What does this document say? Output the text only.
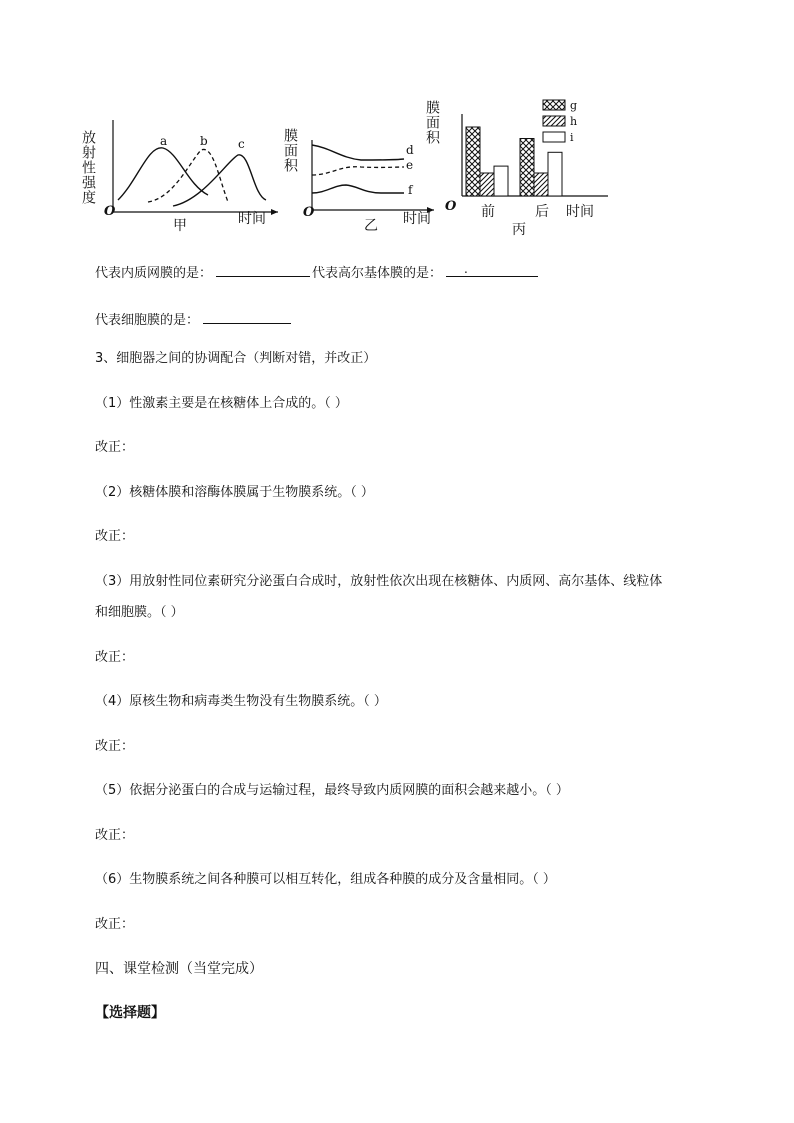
放射性强度	a	b	c
O	时间
甲
膜面积	d
e
f
O	时间
乙
膜面积	g
h
i
O 前	后 时间
丙
代表内质网膜的是：	代表高尔基体膜的是： .
代表细胞膜的是：
3、细胞器之间的协调配合（判断对错，并改正）
（1）性激素主要是在核糖体上合成的。（ ）
改正：
（2）核糖体膜和溶酶体膜属于生物膜系统。（ ）
改正：
（3）用放射性同位素研究分泌蛋白合成时，放射性依次出现在核糖体、内质网、高尔基体、线粒体
和细胞膜。（ ）
改正：
（4）原核生物和病毒类生物没有生物膜系统。（ ）
改正：
（5）依据分泌蛋白的合成与运输过程，最终导致内质网膜的面积会越来越小。（ ）
改正：
（6）生物膜系统之间各种膜可以相互转化，组成各种膜的成分及含量相同。（ ）
改正：
四、课堂检测（当堂完成）
【选择题】
